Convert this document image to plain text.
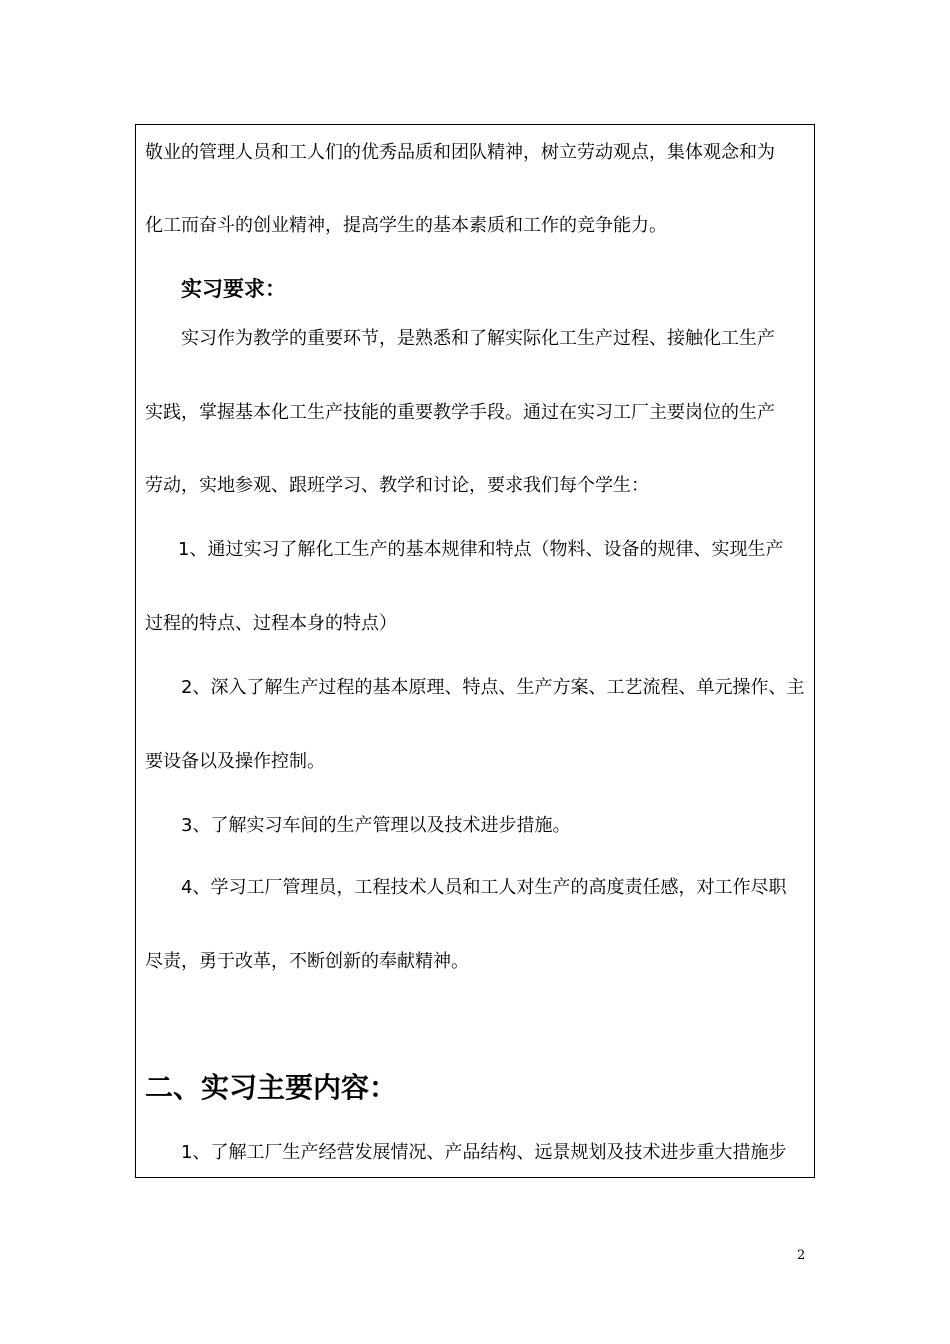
敬业的管理人员和工人们的优秀品质和团队精神，树立劳动观点，集体观念和为
化工而奋斗的创业精神，提高学生的基本素质和工作的竞争能力。
实习要求：
实习作为教学的重要环节，是熟悉和了解实际化工生产过程、接触化工生产
实践，掌握基本化工生产技能的重要教学手段。通过在实习工厂主要岗位的生产
劳动，实地参观、跟班学习、教学和讨论，要求我们每个学生：
1、通过实习了解化工生产的基本规律和特点（物料、设备的规律、实现生产
过程的特点、过程本身的特点）
2、深入了解生产过程的基本原理、特点、生产方案、工艺流程、单元操作、主
要设备以及操作控制。
3、了解实习车间的生产管理以及技术进步措施。
4、学习工厂管理员，工程技术人员和工人对生产的高度责任感，对工作尽职
尽责，勇于改革，不断创新的奉献精神。
二、实习主要内容：
1、了解工厂生产经营发展情况、产品结构、远景规划及技术进步重大措施步
2
